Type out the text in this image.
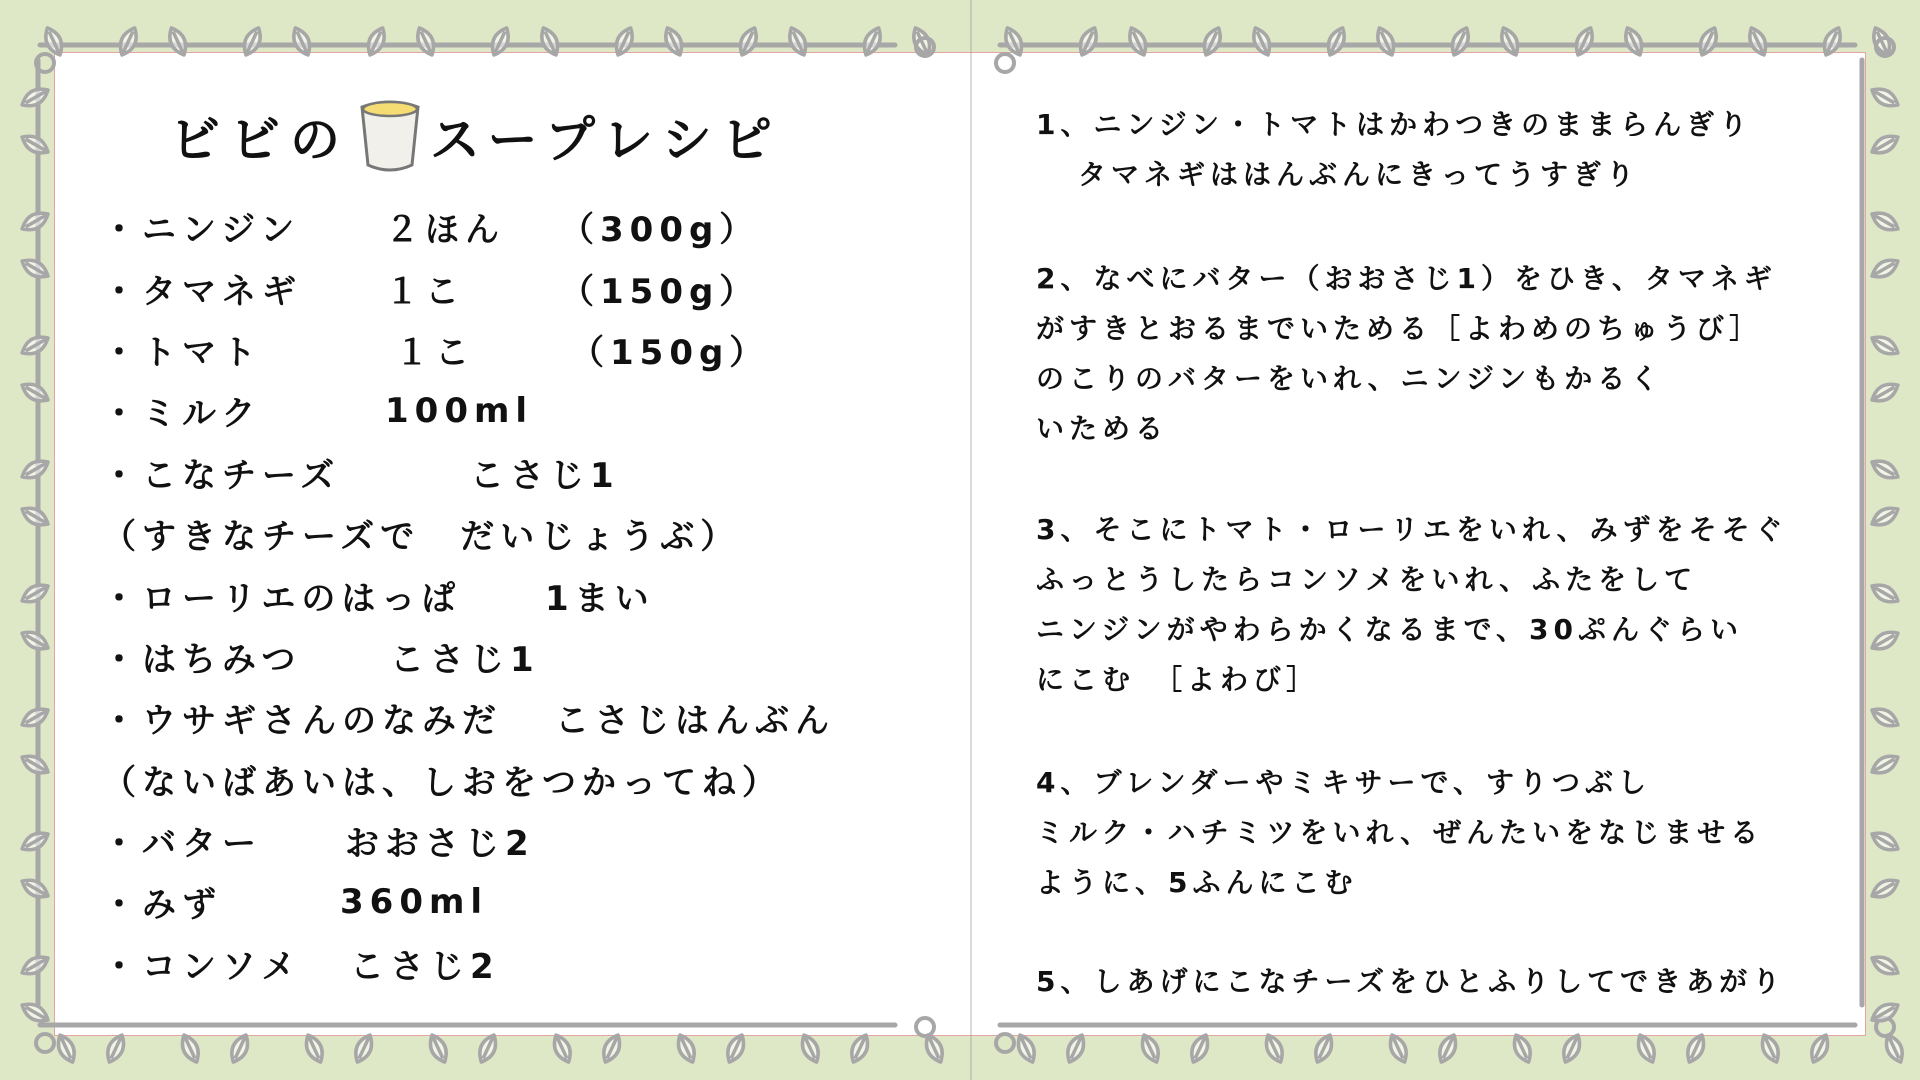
ビビの スープレシピ
・ニンジン ２ほん （300g）
・タマネギ １こ	（150g）
・トマト	１こ	（150g）
・ミルク	100ml
・こなチーズ	こさじ1
（すきなチーズで　だいじょうぶ）
・ローリエのはっぱ 1まい
・はちみつ	こさじ1
・ウサギさんのなみだ こさじはんぶん
（ないばあいは、しおをつかってね）
・バター おおさじ2
・みず	360ml
・コンソメ こさじ2
1、ニンジン・トマトはかわつきのままらんぎり
タマネギははんぶんにきってうすぎり
2、なべにバター（おおさじ1）をひき、タマネギ
がすきとおるまでいためる［よわめのちゅうび］
のこりのバターをいれ、ニンジンもかるく
いためる
3、そこにトマト・ローリエをいれ、みずをそそぐ
ふっとうしたらコンソメをいれ、ふたをして
ニンジンがやわらかくなるまで、30ぷんぐらい
にこむ　［よわび］
4、ブレンダーやミキサーで、すりつぶし
ミルク・ハチミツをいれ、ぜんたいをなじませる
ように、5ふんにこむ
5、しあげにこなチーズをひとふりしてできあがり
